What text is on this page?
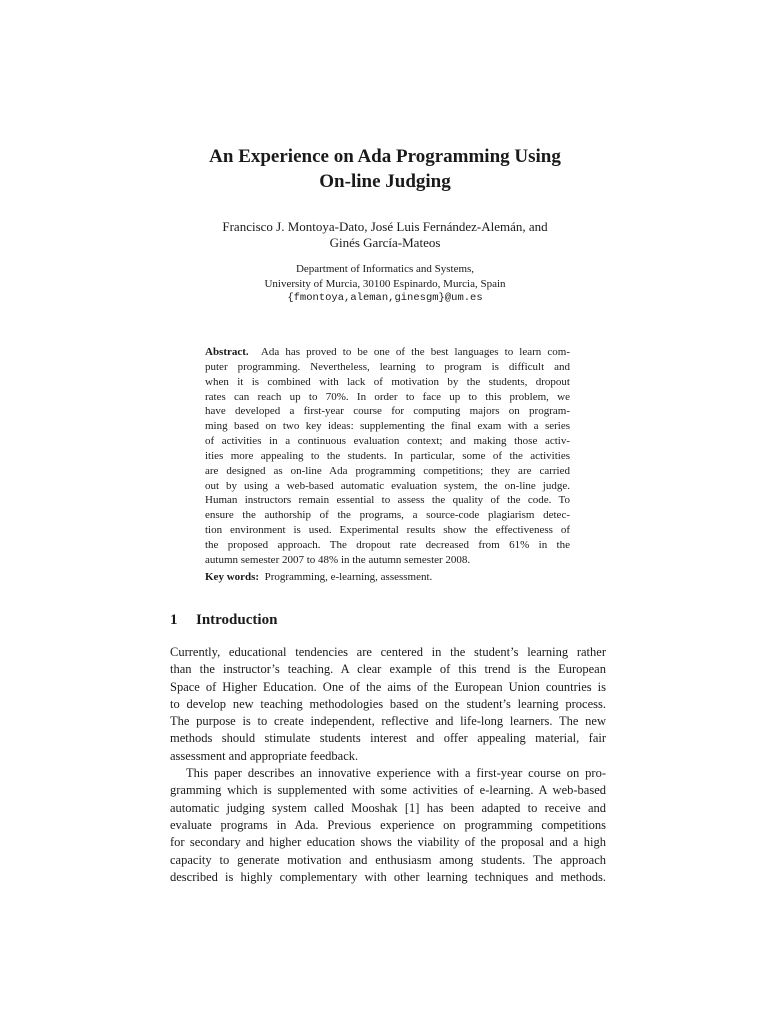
An Experience on Ada Programming Using
On-line Judging
Francisco J. Montoya-Dato, José Luis Fernández-Alemán, and
Ginés García-Mateos
Department of Informatics and Systems,
University of Murcia, 30100 Espinardo, Murcia, Spain
{fmontoya,aleman,ginesgm}@um.es
Abstract. Ada has proved to be one of the best languages to learn com-
puter programming. Nevertheless, learning to program is difficult and
when it is combined with lack of motivation by the students, dropout
rates can reach up to 70%. In order to face up to this problem, we
have developed a first-year course for computing majors on program-
ming based on two key ideas: supplementing the final exam with a series
of activities in a continuous evaluation context; and making those activ-
ities more appealing to the students. In particular, some of the activities
are designed as on-line Ada programming competitions; they are carried
out by using a web-based automatic evaluation system, the on-line judge.
Human instructors remain essential to assess the quality of the code. To
ensure the authorship of the programs, a source-code plagiarism detec-
tion environment is used. Experimental results show the effectiveness of
the proposed approach. The dropout rate decreased from 61% in the
autumn semester 2007 to 48% in the autumn semester 2008.
Key words: Programming, e-learning, assessment.
1 Introduction
Currently, educational tendencies are centered in the student’s learning rather
than the instructor’s teaching. A clear example of this trend is the European
Space of Higher Education. One of the aims of the European Union countries is
to develop new teaching methodologies based on the student’s learning process.
The purpose is to create independent, reflective and life-long learners. The new
methods should stimulate students interest and offer appealing material, fair
assessment and appropriate feedback.
This paper describes an innovative experience with a first-year course on pro-
gramming which is supplemented with some activities of e-learning. A web-based
automatic judging system called Mooshak [1] has been adapted to receive and
evaluate programs in Ada. Previous experience on programming competitions
for secondary and higher education shows the viability of the proposal and a high
capacity to generate motivation and enthusiasm among students. The approach
described is highly complementary with other learning techniques and methods.
